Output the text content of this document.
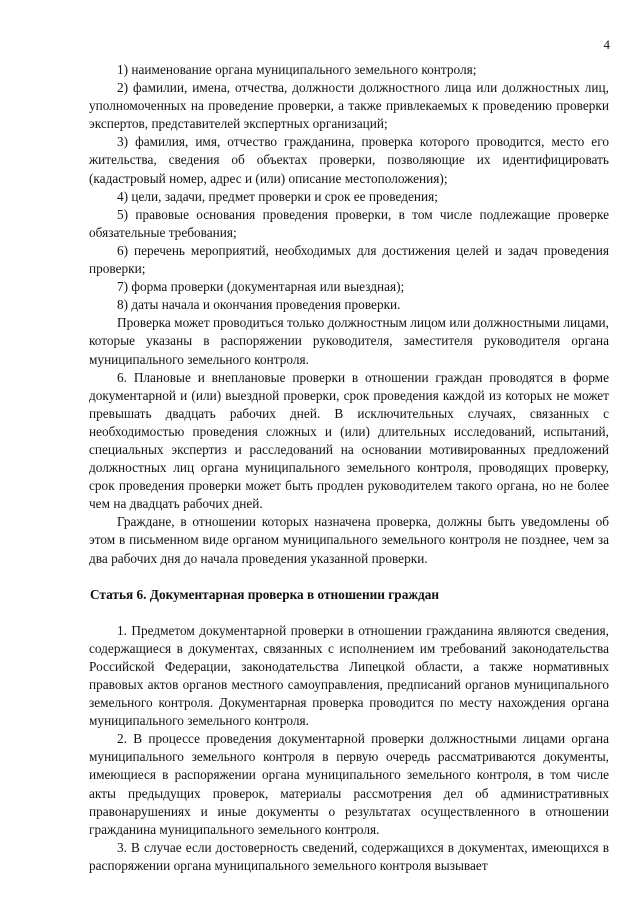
4

1) наименование органа муниципального земельного контроля;

2) фамилии, имена, отчества, должности должностного лица или должностных лиц, уполномоченных на проведение проверки, а также привлекаемых к проведению проверки экспертов, представителей экспертных организаций;

3) фамилия, имя, отчество гражданина, проверка которого проводится, место его жительства, сведения об объектах проверки, позволяющие их идентифицировать (кадастровый номер, адрес и (или) описание местоположения);

4) цели, задачи, предмет проверки и срок ее проведения;

5) правовые основания проведения проверки, в том числе подлежащие проверке обязательные требования;

6) перечень мероприятий, необходимых для достижения целей и задач проведения проверки;

7) форма проверки (документарная или выездная);

8) даты начала и окончания проведения проверки.

Проверка может проводиться только должностным лицом или должностными лицами, которые указаны в распоряжении руководителя, заместителя руководителя органа муниципального земельного контроля.

6. Плановые и внеплановые проверки в отношении граждан проводятся в форме документарной и (или) выездной проверки, срок проведения каждой из которых не может превышать двадцать рабочих дней. В исключительных случаях, связанных с необходимостью проведения сложных и (или) длительных исследований, испытаний, специальных экспертиз и расследований на основании мотивированных предложений должностных лиц органа муниципального земельного контроля, проводящих проверку, срок проведения проверки может быть продлен руководителем такого органа, но не более чем на двадцать рабочих дней.

Граждане, в отношении которых назначена проверка, должны быть уведомлены об этом в письменном виде органом муниципального земельного контроля не позднее, чем за два рабочих дня до начала проведения указанной проверки.

Статья 6. Документарная проверка в отношении граждан

1. Предметом документарной проверки в отношении гражданина являются сведения, содержащиеся в документах, связанных с исполнением им требований законодательства Российской Федерации, законодательства Липецкой области, а также нормативных правовых актов органов местного самоуправления, предписаний органов муниципального земельного контроля. Документарная проверка проводится по месту нахождения органа муниципального земельного контроля.

2. В процессе проведения документарной проверки должностными лицами органа муниципального земельного контроля в первую очередь рассматриваются документы, имеющиеся в распоряжении органа муниципального земельного контроля, в том числе акты предыдущих проверок, материалы рассмотрения дел об административных правонарушениях и иные документы о результатах осуществленного в отношении гражданина муниципального земельного контроля.

3. В случае если достоверность сведений, содержащихся в документах, имеющихся в распоряжении органа муниципального земельного контроля вызывает
